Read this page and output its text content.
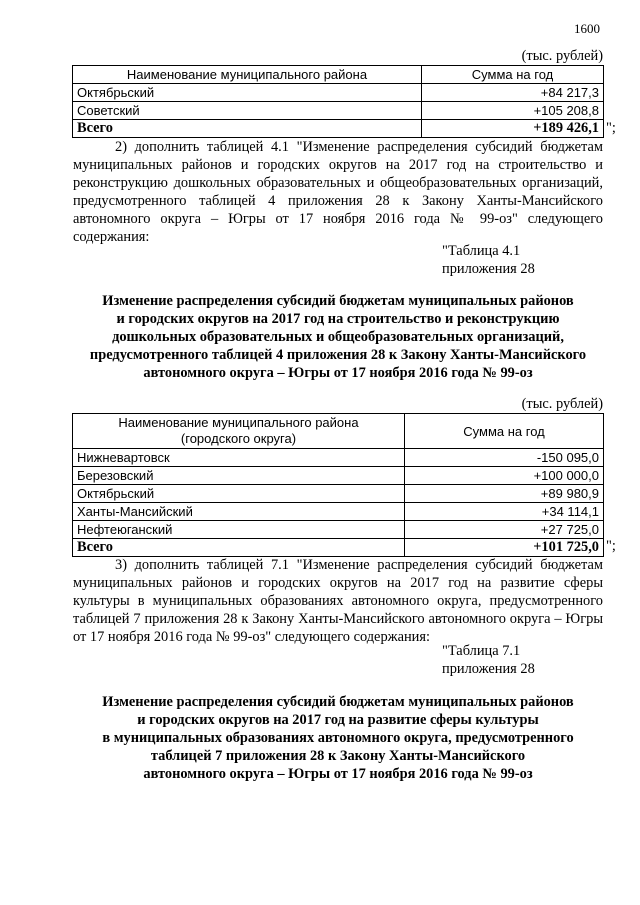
1600
(тыс. рублей)
Наименование муниципального района	Сумма на год
Октябрьский	+84 217,3
Советский	+105 208,8
Всего	+189 426,1 ";

2) дополнить таблицей 4.1 "Изменение распределения субсидий бюджетам муниципальных районов и городских округов на 2017 год на строительство и реконструкцию дошкольных образовательных и общеобразовательных организаций, предусмотренного таблицей 4 приложения 28 к Закону Ханты-Мансийского автономного округа – Югры от 17 ноября 2016 года № 99-оз" следующего содержания:

"Таблица 4.1
приложения 28
Изменение распределения субсидий бюджетам муниципальных районов
и городских округов на 2017 год на строительство и реконструкцию
дошкольных образовательных и общеобразовательных организаций,
предусмотренного таблицей 4 приложения 28 к Закону Ханты-Мансийского
автономного округа – Югры от 17 ноября 2016 года № 99-оз
(тыс. рублей)
Наименование муниципального района
(городского округа)	Сумма на год
Нижневартовск	-150 095,0
Березовский	+100 000,0
Октябрьский	+89 980,9
Ханты-Мансийский	+34 114,1
Нефтеюганский	+27 725,0
Всего	+101 725,0 ";

3) дополнить таблицей 7.1 "Изменение распределения субсидий бюджетам муниципальных районов и городских округов на 2017 год на развитие сферы культуры в муниципальных образованиях автономного округа, предусмотренного таблицей 7 приложения 28 к Закону Ханты-Мансийского автономного округа – Югры от 17 ноября 2016 года № 99-оз" следующего содержания:

"Таблица 7.1
приложения 28
Изменение распределения субсидий бюджетам муниципальных районов
и городских округов на 2017 год на развитие сферы культуры
в муниципальных образованиях автономного округа, предусмотренного
таблицей 7 приложения 28 к Закону Ханты-Мансийского
автономного округа – Югры от 17 ноября 2016 года № 99-оз
